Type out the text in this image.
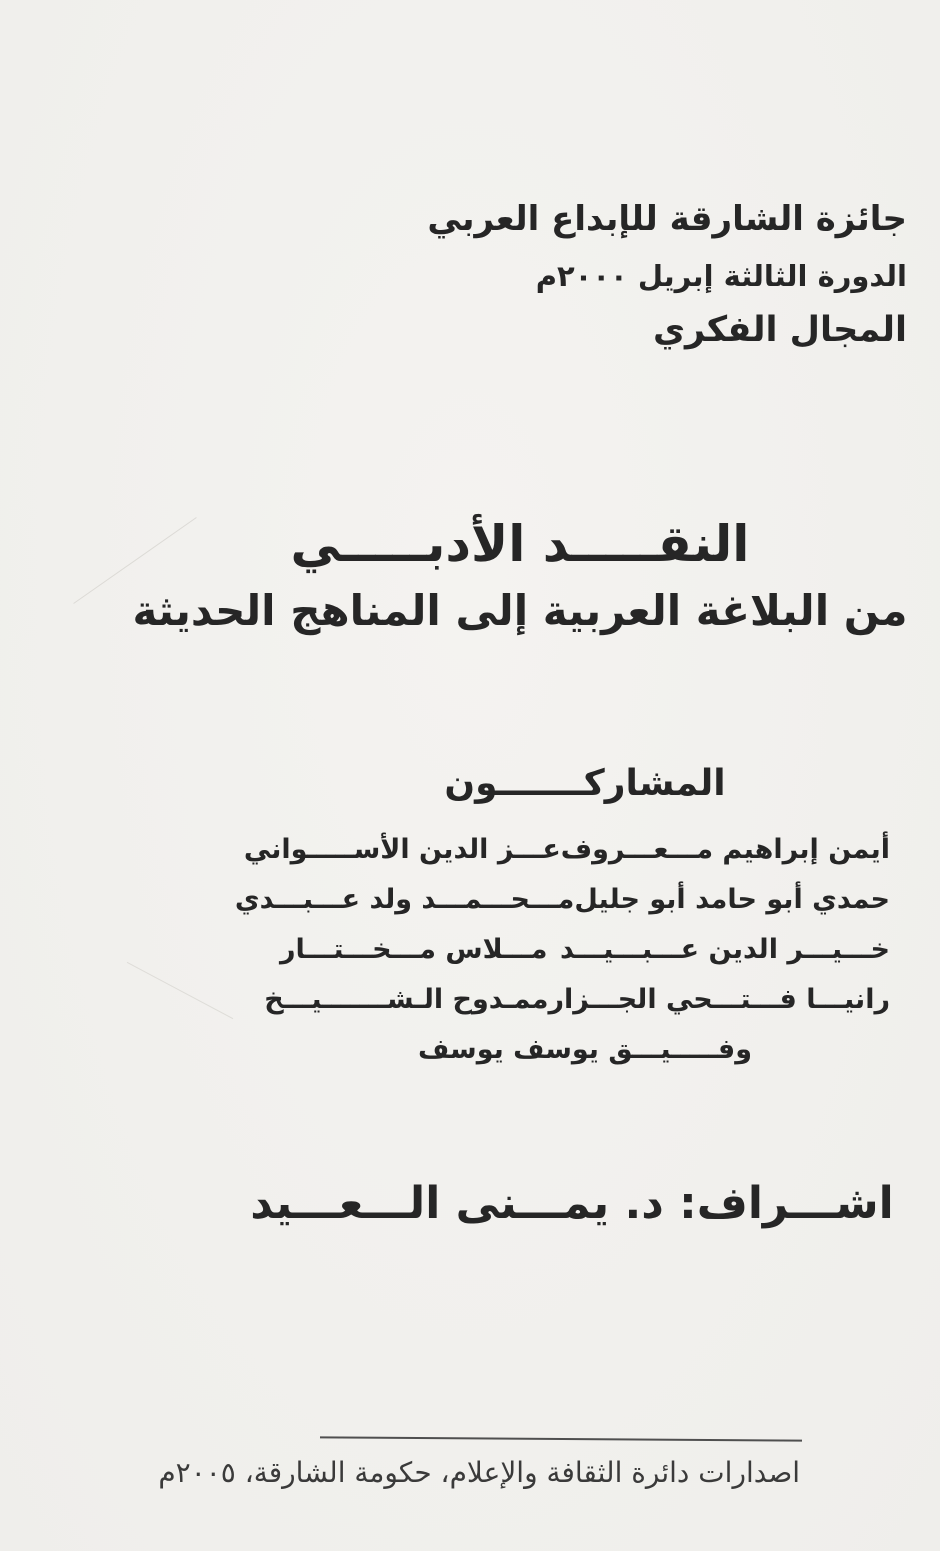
جائزة الشارقة للإبداع العربي
الدورة الثالثة إبريل ٢٠٠٠م
المجال الفكري
النقـــــد الأدبـــــي
من البلاغة العربية إلى المناهج الحديثة
المشاركـــــــون
أيمن إبراهيم مـــعـــروف
عـــز الدين الأســـــواني
حمدي أبو حامد أبو جليل
مـــحـــمـــد ولد عـــبـــدي
خـــيـــر الدين عـــبـــيـــد
مـــلاس مـــخـــتـــار
رانيـــا فـــتـــحي الجـــزار
ممـدوح الـشـــــــيـــخ
وفـــــيـــق يوسف يوسف
اشـــراف: د. يمـــنى الـــعـــيد
اصدارات دائرة الثقافة والإعلام، حكومة الشارقة، ٢٠٠٥م
